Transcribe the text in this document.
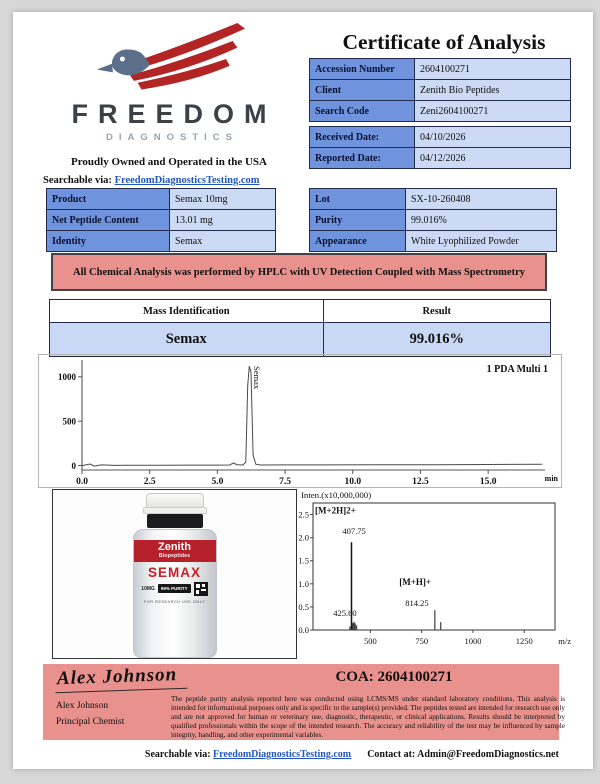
FREEDOM
DIAGNOSTICS
Proudly Owned and Operated in the USA
Searchable via: FreedomDiagnosticsTesting.com
Certificate of Analysis
Accession Number	2604100271
Client	Zenith Bio Peptides
Search Code	Zeni2604100271
Received Date:	04/10/2026
Reported Date:	04/12/2026
Product	Semax 10mg
Net Peptide Content	13.01 mg
Identity	Semax
Lot	SX-10-260408
Purity	99.016%
Appearance	White Lyophilized Powder
All Chemical Analysis was performed by HPLC with UV Detection Coupled with Mass Spectrometry
Mass Identification	Result
Semax	99.016%
0
500
1000
0.0	2.5	5.0	7.5	10.0	12.5	15.0	min
1 PDA Multi 1
Semax
Zenith
Biopeptides
SEMAX
10MG	99% PURITY
FOR RESEARCH USE ONLY
Inten.(x10,000,000)
0.0
0.5
1.0
1.5
2.0
2.5
500	750	1000	1250	m/z
[M+2H]2+
407.75
425.60
[M+H]+
814.25
Alex Johnson
Alex Johnson
Principal Chemist
COA: 2604100271
The peptide purity analysis reported here was conducted using LCMS/MS under standard laboratory conditions. This analysis is intended for informational purposes only and is specific to the sample(s) provided. The peptides tested are intended for research use only and are not approved for human or veterinary use, diagnostic, therapeutic, or clinical applications. Results should be interpreted by qualified professionals within the scope of the intended research. The accuracy and reliability of the test may be influenced by sample integrity, handling, and other experimental variables.
Searchable via: FreedomDiagnosticsTesting.com	Contact at: Admin@FreedomDiagnostics.net
